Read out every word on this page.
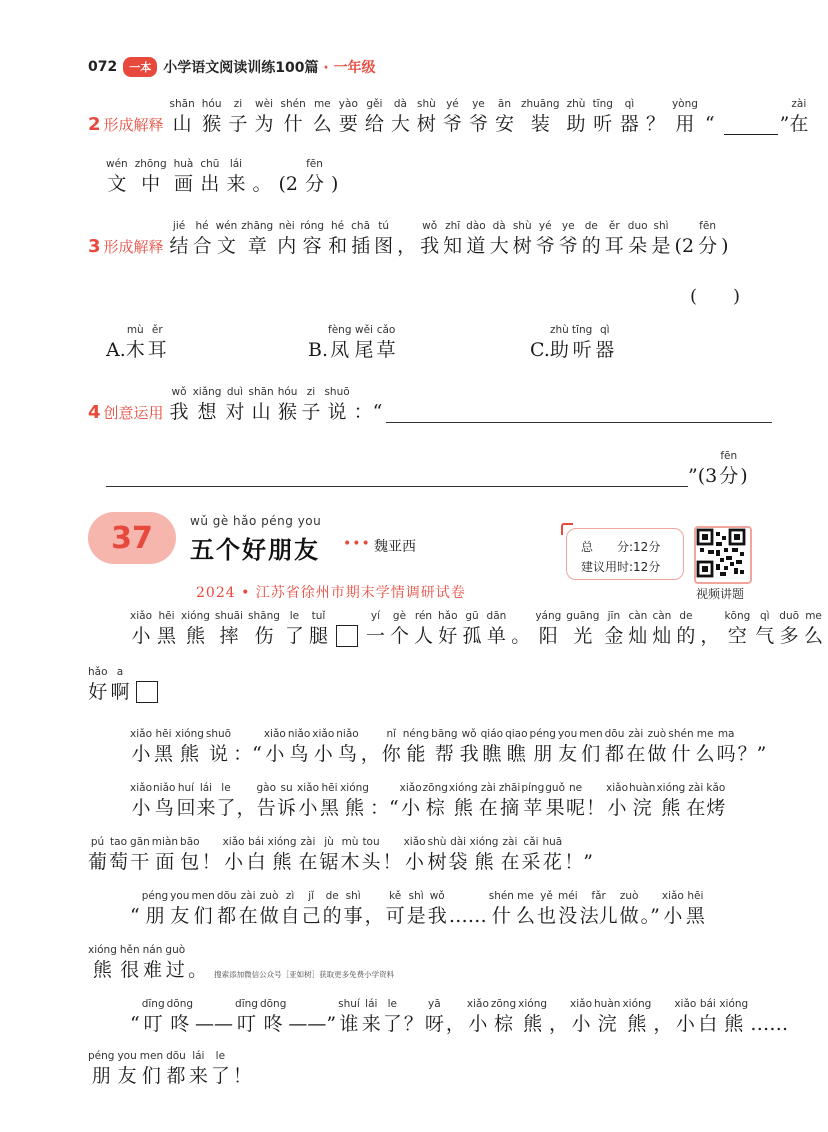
072	一本 小学语文阅读训练100篇 · 一年级
2 形成解释
shān
山
hóu
猴
zi
子
wèi
为
shén
什
me
么
yào
要
gěi
给
dà
大
shù
树
yé
爷
ye
爷
ān
安
zhuāng
装
zhù
助
tīng
听
qì
器 ？
yòng
用 “	”
zài
在
wén
文
zhōng
中
huà
画
chū
出
lái
来 。 (2
fēn
分 )
3 形成解释
jié
结
hé
合
wén
文
zhāng
章
nèi
内
róng
容
hé
和
chā
插
tú
图 ，
wǒ
我
zhī
知
dào
道
dà
大
shù
树
yé
爷
ye
爷
de
的
ěr
耳
duo
朵
shì
是 (2
fēn
分 )
(　　)
A.
mù
木
ěr
耳	B.
fèng
凤
wěi
尾
cǎo
草	C.
zhù
助
tīng
听
qì
器
4 创意运用
wǒ
我
xiǎng
想
duì
对
shān
山
hóu
猴
zi
子
shuō
说 ：“
”(3
fēn
分 )
37	wǔ gè hǎo péng you
五个好朋友 ••• 魏亚西
2024 • 江苏省徐州市期末学情调研试卷
总　　分:12分
建议用时:12分
视频讲题
xiǎo
小
hēi
黑
xióng
熊
shuāi
摔
shāng
伤
le
了
tuǐ
腿
yí
一
gè
个
rén
人
hǎo
好
gū
孤
dān
单 。
yáng
阳
guāng
光
jīn
金
càn
灿
càn
灿
de
的 ，
kōng
空
qì
气
duō
多
me
么
hǎo
好
a
啊
xiǎo
小
hēi
黑
xióng
熊
shuō
说 ：“
xiǎo
小
niǎo
鸟
xiǎo
小
niǎo
鸟 ，
nǐ
你
néng
能
bāng
帮
wǒ
我
qiáo
瞧
qiao
瞧
péng
朋
you
友
men
们
dōu
都
zài
在
zuò
做
shén
什
me
么
ma
吗 ？”
xiǎo
小
niǎo
鸟
huí
回
lái
来
le
了 ，
gào
告
su
诉
xiǎo
小
hēi
黑
xióng
熊 ：“
xiǎo
小
zōng
棕
xióng
熊
zài
在
zhāi
摘
píng
苹
guǒ
果
ne
呢 ！
xiǎo
小
huàn
浣
xióng
熊
zài
在
kǎo
烤
pú
葡
tao
萄
gān
干
miàn
面
bāo
包 ！
xiǎo
小
bái
白
xióng
熊
zài
在
jù
锯
mù
木
tou
头 ！
xiǎo
小
shù
树
dài
袋
xióng
熊
zài
在
cǎi
采
huā
花 ！”
“
péng
朋
you
友
men
们
dōu
都
zài
在
zuò
做
zì
自
jǐ
己
de
的
shì
事 ，
kě
可
shì
是
wǒ
我 ……
shén
什
me
么
yě
也
méi
没
fǎr
法儿
zuò
做 。”
xiǎo
小
hēi
黑
xióng
熊
hěn
很
nán
难
guò
过 。 搜索添加微信公众号［亚如树］获取更多免费小学资料
“
dīng
叮
dōng
咚 ——
dīng
叮
dōng
咚 ——”
shuí
谁
lái
来
le
了 ？
yā
呀 ，
xiǎo
小
zōng
棕
xióng
熊 ，
xiǎo
小
huàn
浣
xióng
熊 ，
xiǎo
小
bái
白
xióng
熊 ……
péng
朋
you
友
men
们
dōu
都
lái
来
le
了 ！
